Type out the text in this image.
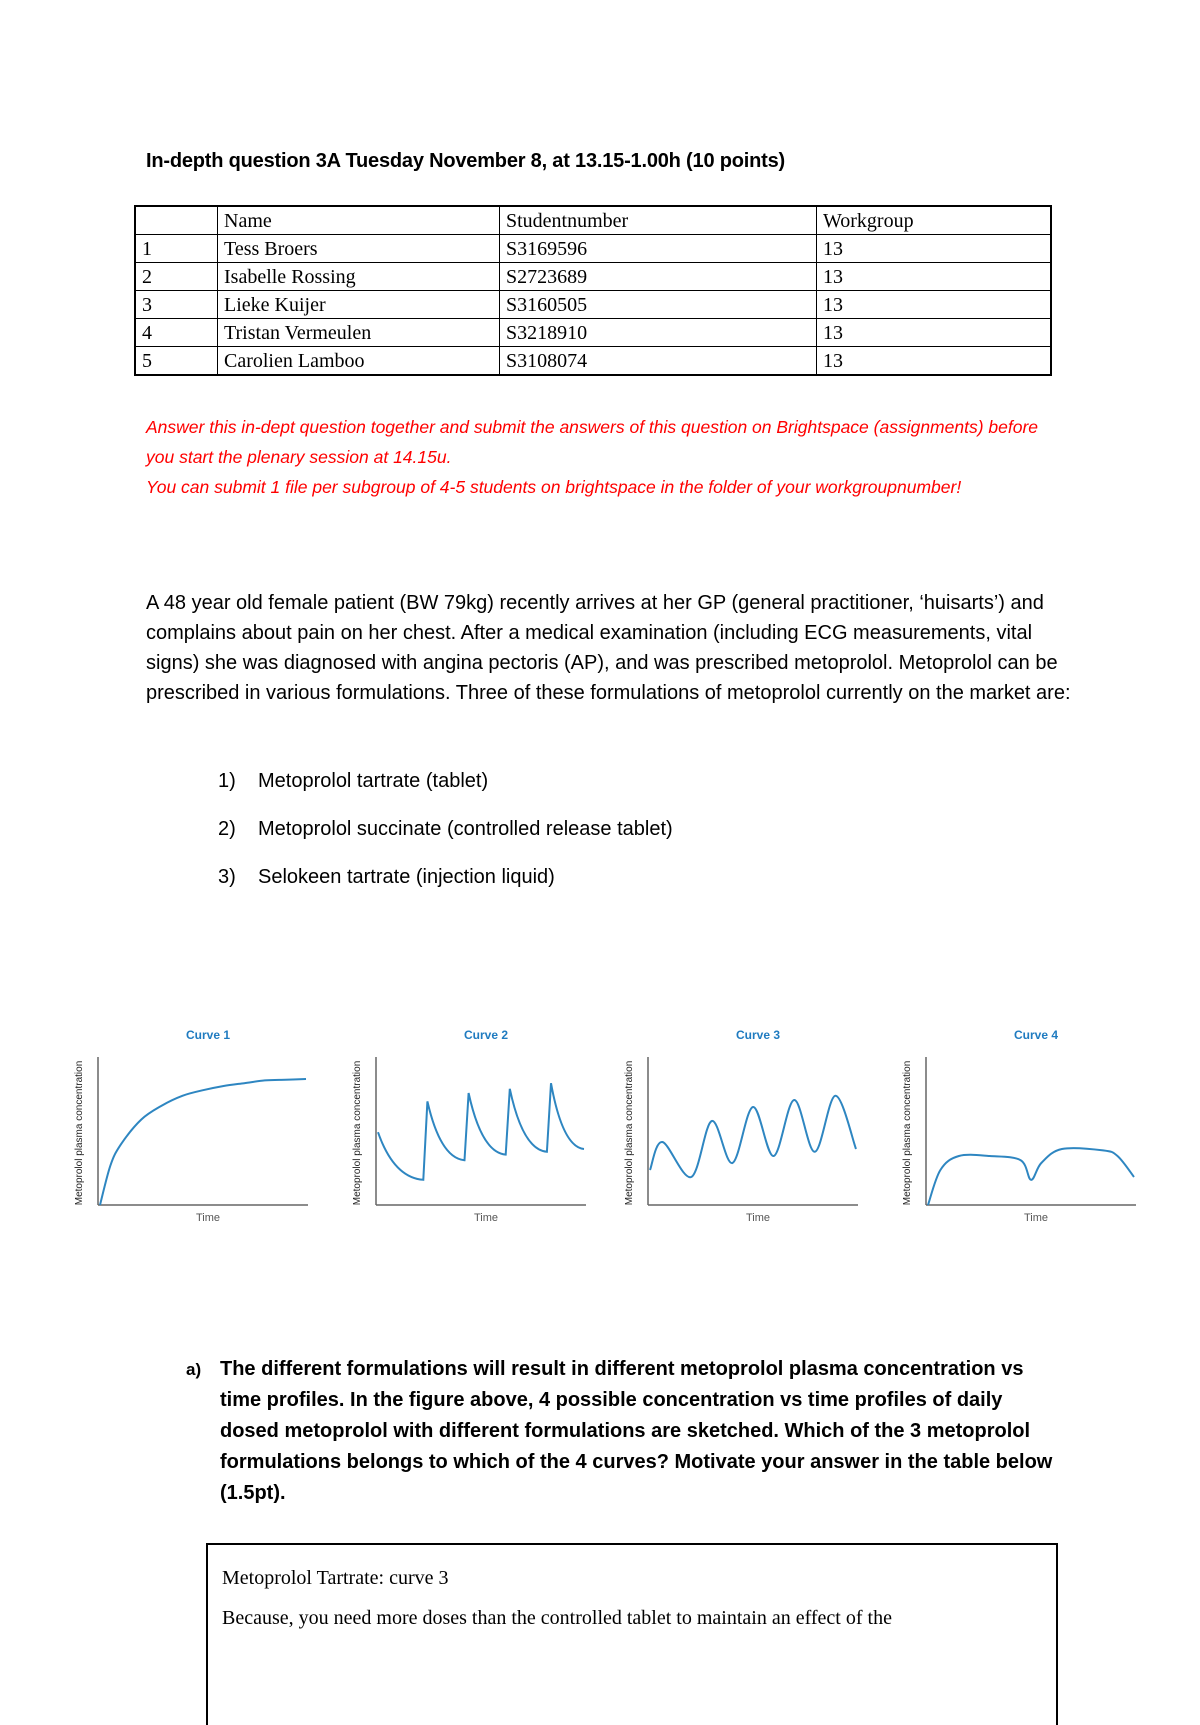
In-depth question 3A Tuesday November 8, at 13.15-1.00h (10 points)
	Name	Studentnumber	Workgroup
1	Tess Broers	S3169596	13
2	Isabelle Rossing	S2723689	13
3	Lieke Kuijer	S3160505	13
4	Tristan Vermeulen	S3218910	13
5	Carolien Lamboo	S3108074	13

Answer this in-dept question together and submit the answers of this question on Brightspace (assignments) before you start the plenary session at 14.15u.

You can submit 1 file per subgroup of 4-5 students on brightspace in the folder of your workgroupnumber!

A 48 year old female patient (BW 79kg) recently arrives at her GP (general practitioner, ‘huisarts’) and complains about pain on her chest. After a medical examination (including ECG measurements, vital signs) she was diagnosed with angina pectoris (AP), and was prescribed metoprolol. Metoprolol can be prescribed in various formulations. Three of these formulations of metoprolol currently on the market are:

1)	Metoprolol tartrate (tablet)
2)	Metoprolol succinate (controlled release tablet)
3)	Selokeen tartrate (injection liquid)
Curve 1
Time
Metoprolol plasma concentration
Curve 2
Time
Metoprolol plasma concentration
Curve 3
Time
Metoprolol plasma concentration
Curve 4
Time
Metoprolol plasma concentration
a) The different formulations will result in different metoprolol plasma concentration vs time profiles. In the figure above, 4 possible concentration vs time profiles of daily dosed metoprolol with different formulations are sketched. Which of the 3 metoprolol formulations belongs to which of the 4 curves? Motivate your answer in the table below (1.5pt).
Metoprolol Tartrate: curve 3
Because, you need more doses than the controlled tablet to maintain an effect of the
